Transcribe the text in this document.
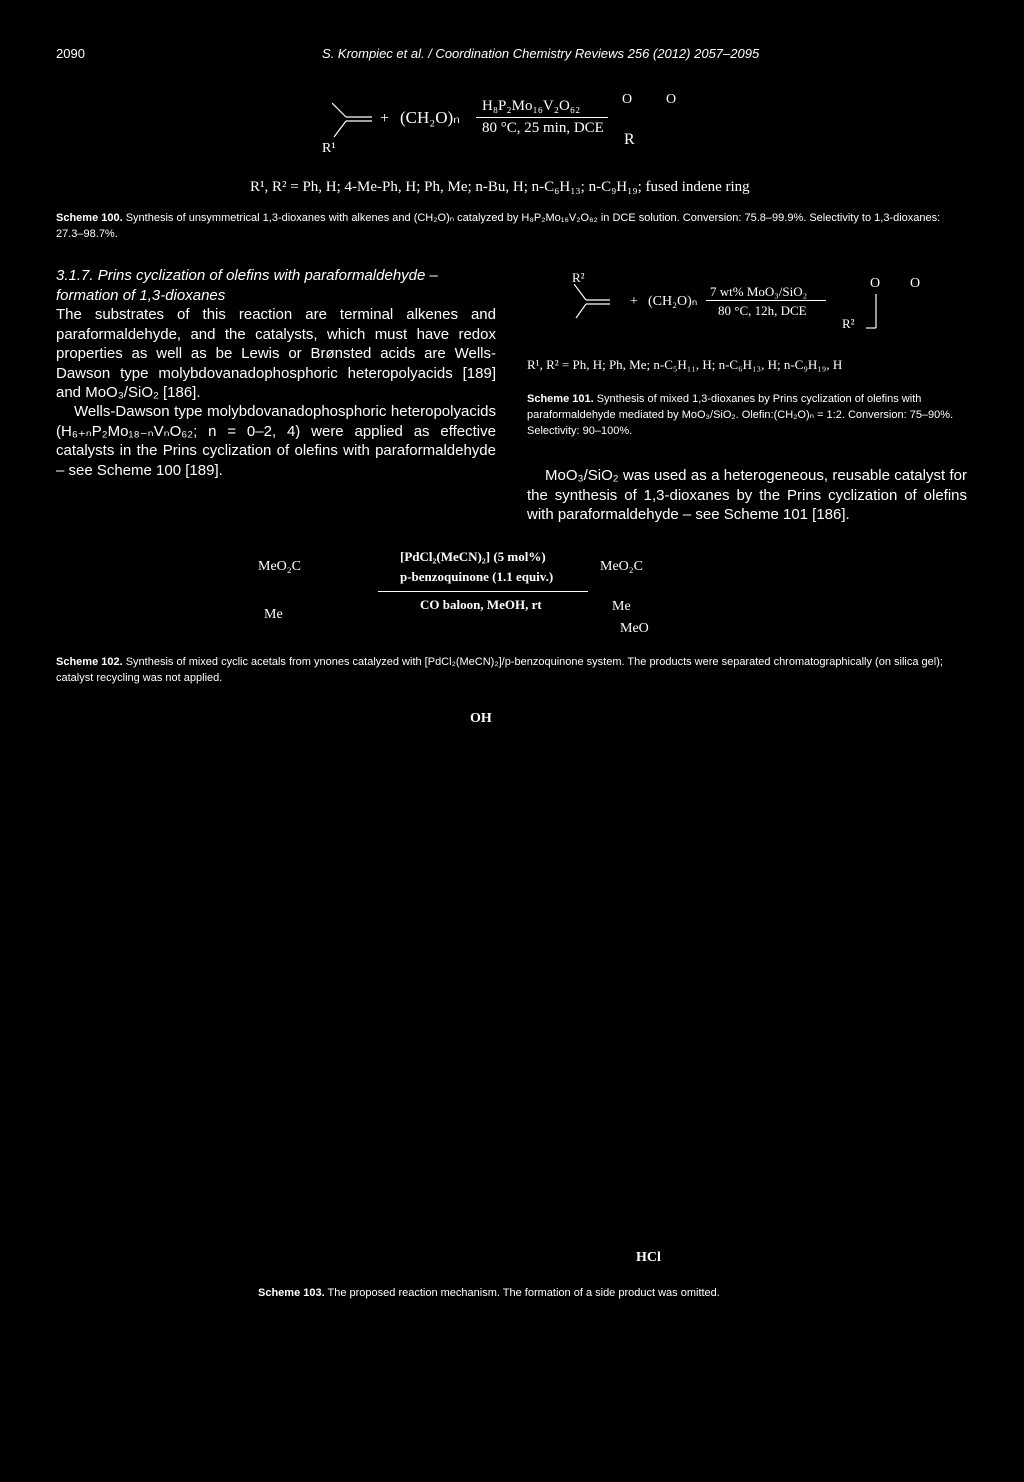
2090	S. Krompiec et al. / Coordination Chemistry Reviews 256 (2012) 2057–2095
R¹
+ (CH₂O)ₙ
H₈P₂Mo₁₆V₂O₆₂
80 °C, 25 min, DCE
R
O O
R¹, R² = Ph, H; 4-Me-Ph, H; Ph, Me; n-Bu, H; n-C₆H₁₃; n-C₉H₁₉; fused indene ring
Scheme 100. Synthesis of unsymmetrical 1,3-dioxanes with alkenes and (CH₂O)ₙ catalyzed by H₈P₂Mo₁₆V₂O₆₂ in DCE solution. Conversion: 75.8–99.9%. Selectivity to 1,3-dioxanes: 27.3–98.7%.
3.1.7. Prins cyclization of olefins with paraformaldehyde – formation of 1,3-dioxanes
The substrates of this reaction are terminal alkenes and paraformaldehyde, and the catalysts, which must have redox properties as well as be Lewis or Brønsted acids are Wells-Dawson type molybdovanadophosphoric heteropolyacids [189] and MoO₃/SiO₂ [186].
Wells-Dawson type molybdovanadophosphoric heteropolyacids (H₆₊ₙP₂Mo₁₈₋ₙVₙO₆₂; n = 0–2, 4) were applied as effective catalysts in the Prins cyclization of olefins with paraformaldehyde – see Scheme 100 [189].
R²
+ (CH₂O)ₙ
7 wt% MoO₃/SiO₂
80 °C, 12h, DCE
R²
O O
R¹, R² = Ph, H; Ph, Me; n-C₅H₁₁, H; n-C₆H₁₃, H; n-C₉H₁₉, H
Scheme 101. Synthesis of mixed 1,3-dioxanes by Prins cyclization of olefins with paraformaldehyde mediated by MoO₃/SiO₂. Olefin:(CH₂O)ₙ = 1:2. Conversion: 75–90%. Selectivity: 90–100%.
MoO₃/SiO₂ was used as a heterogeneous, reusable catalyst for the synthesis of 1,3-dioxanes by the Prins cyclization of olefins with paraformaldehyde – see Scheme 101 [186].
MeO₂C
Me
[PdCl₂(MeCN)₂] (5 mol%)
p-benzoquinone (1.1 equiv.)
CO baloon, MeOH, rt
MeO₂C
Me
MeO
Scheme 102. Synthesis of mixed cyclic acetals from ynones catalyzed with [PdCl₂(MeCN)₂]/p-benzoquinone system. The products were separated chromatographically (on silica gel); catalyst recycling was not applied.
OH
HCl
Scheme 103. The proposed reaction mechanism. The formation of a side product was omitted.
